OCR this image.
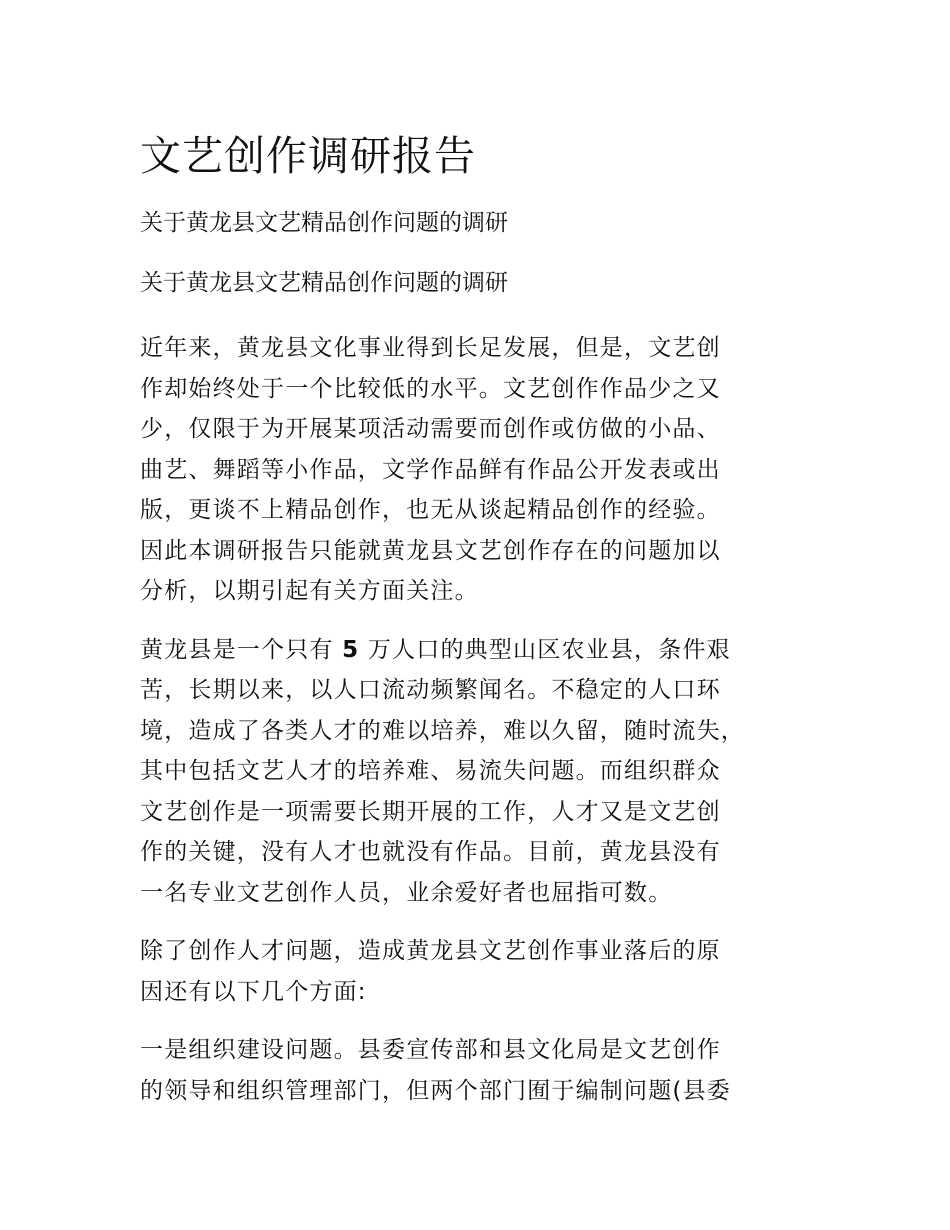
文艺创作调研报告

关于黄龙县文艺精品创作问题的调研

关于黄龙县文艺精品创作问题的调研

近年来，黄龙县文化事业得到长足发展，但是，文艺创
作却始终处于一个比较低的水平。文艺创作作品少之又
少，仅限于为开展某项活动需要而创作或仿做的小品、
曲艺、舞蹈等小作品，文学作品鲜有作品公开发表或出
版，更谈不上精品创作，也无从谈起精品创作的经验。
因此本调研报告只能就黄龙县文艺创作存在的问题加以
分析，以期引起有关方面关注。
黄龙县是一个只有 5 万人口的典型山区农业县，条件艰
苦，长期以来，以人口流动频繁闻名。不稳定的人口环
境，造成了各类人才的难以培养，难以久留，随时流失，
其中包括文艺人才的培养难、易流失问题。而组织群众
文艺创作是一项需要长期开展的工作，人才又是文艺创
作的关键，没有人才也就没有作品。目前，黄龙县没有
一名专业文艺创作人员，业余爱好者也屈指可数。
除了创作人才问题，造成黄龙县文艺创作事业落后的原
因还有以下几个方面:
一是组织建设问题。县委宣传部和县文化局是文艺创作
的领导和组织管理部门，但两个部门囿于编制问题(县委
